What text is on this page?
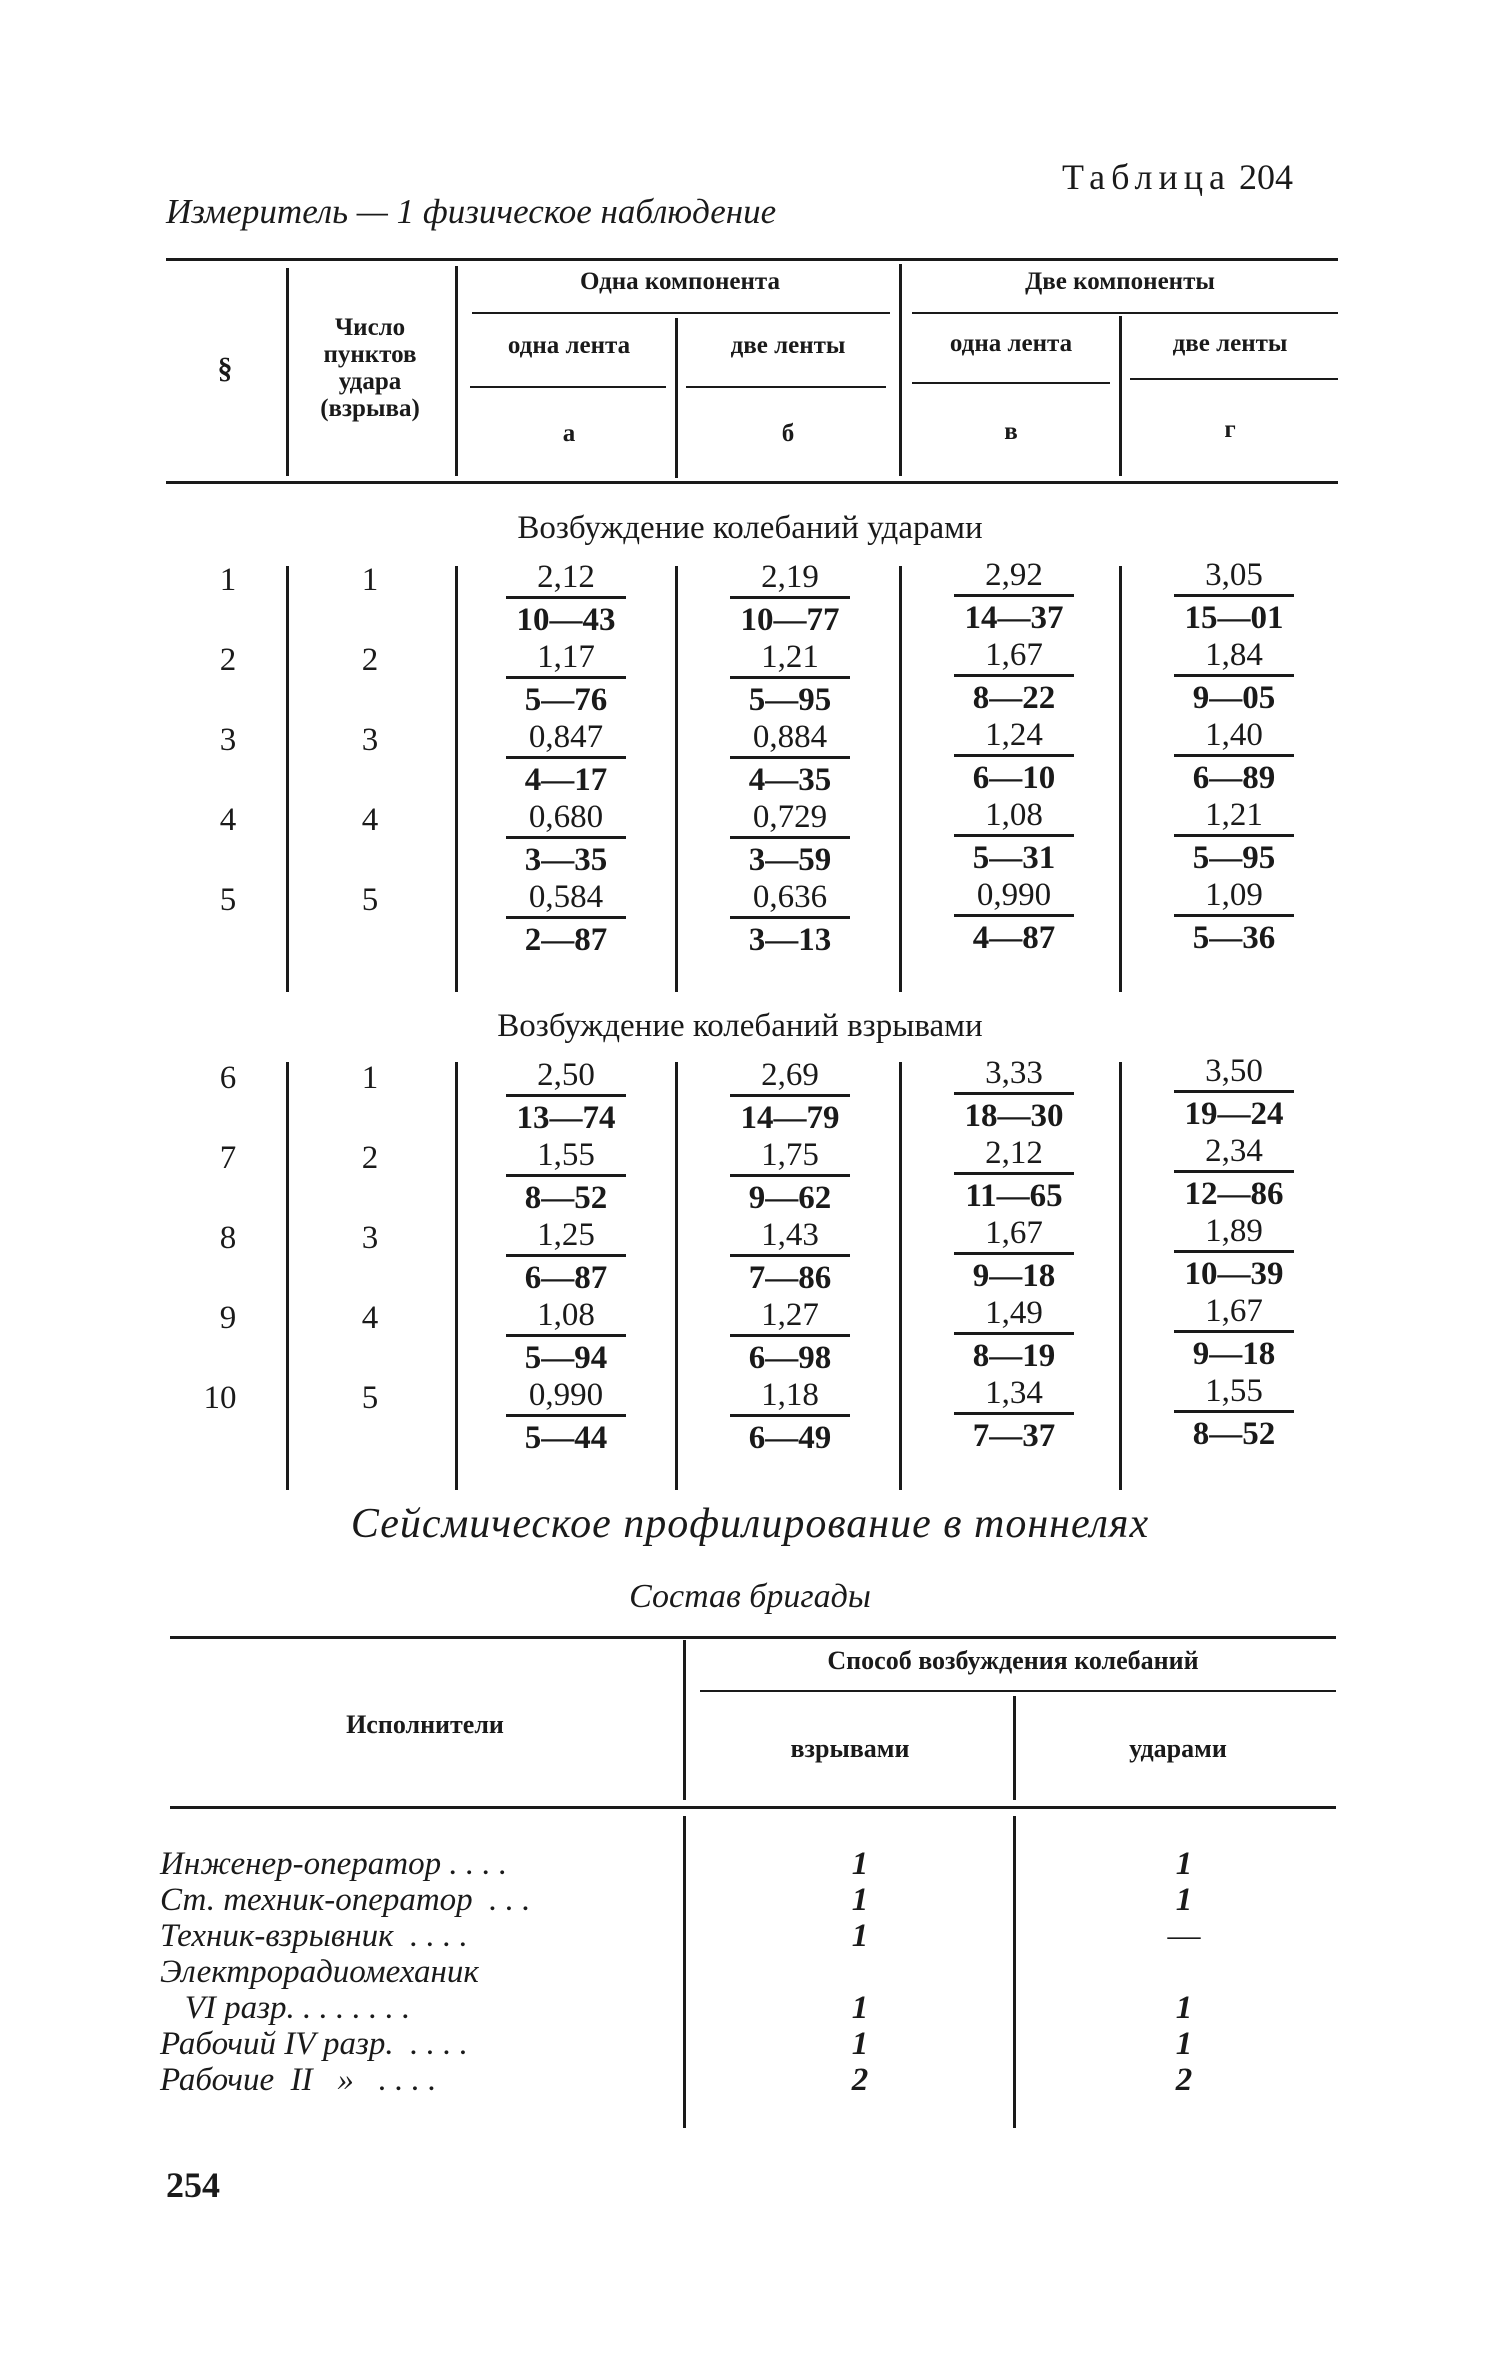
Таблица 204
Измеритель — 1 физическое наблюдение
§
Число пунктов удара (взрыва)
Одна компонента	Две компоненты
одна лента	две ленты	одна лента	две ленты
а	б	в	г
Возбуждение колебаний ударами
1	1	$\frac{2,12}{10—43}$	$\frac{2,19}{10—77}$	$\frac{2,92}{14—37}$	$\frac{3,05}{15—01}$
2	2	$\frac{1,17}{5—76}$	$\frac{1,21}{5—95}$	$\frac{1,67}{8—22}$	$\frac{1,84}{9—05}$
3	3	$\frac{0,847}{4—17}$	$\frac{0,884}{4—35}$	$\frac{1,24}{6—10}$	$\frac{1,40}{6—89}$
4	4	$\frac{0,680}{3—35}$	$\frac{0,729}{3—59}$	$\frac{1,08}{5—31}$	$\frac{1,21}{5—95}$
5	5	$\frac{0,584}{2—87}$	$\frac{0,636}{3—13}$	$\frac{0,990}{4—87}$	$\frac{1,09}{5—36}$
Возбуждение колебаний взрывами
6	1	$\frac{2,50}{13—74}$	$\frac{2,69}{14—79}$	$\frac{3,33}{18—30}$	$\frac{3,50}{19—24}$
7	2	$\frac{1,55}{8—52}$	$\frac{1,75}{9—62}$	$\frac{2,12}{11—65}$	$\frac{2,34}{12—86}$
8	3	$\frac{1,25}{6—87}$	$\frac{1,43}{7—86}$	$\frac{1,67}{9—18}$	$\frac{1,89}{10—39}$
9	4	$\frac{1,08}{5—94}$	$\frac{1,27}{6—98}$	$\frac{1,49}{8—19}$	$\frac{1,67}{9—18}$
10	5	$\frac{0,990}{5—44}$	$\frac{1,18}{6—49}$	$\frac{1,34}{7—37}$	$\frac{1,55}{8—52}$
Сейсмическое профилирование в тоннелях
Состав бригады
Исполнители
Способ возбуждения колебаний
взрывами	ударами
Инженер-оператор . . . .	1	1
Ст. техник-оператор  . . .	1	1
Техник-взрывник  . . . .	1	—
Электрорадиомеханик
VI разр. . . . . . . .	1	1
Рабочий IV разр.  . . . .	1	1
Рабочие  II   »   . . . .	2	2
254
